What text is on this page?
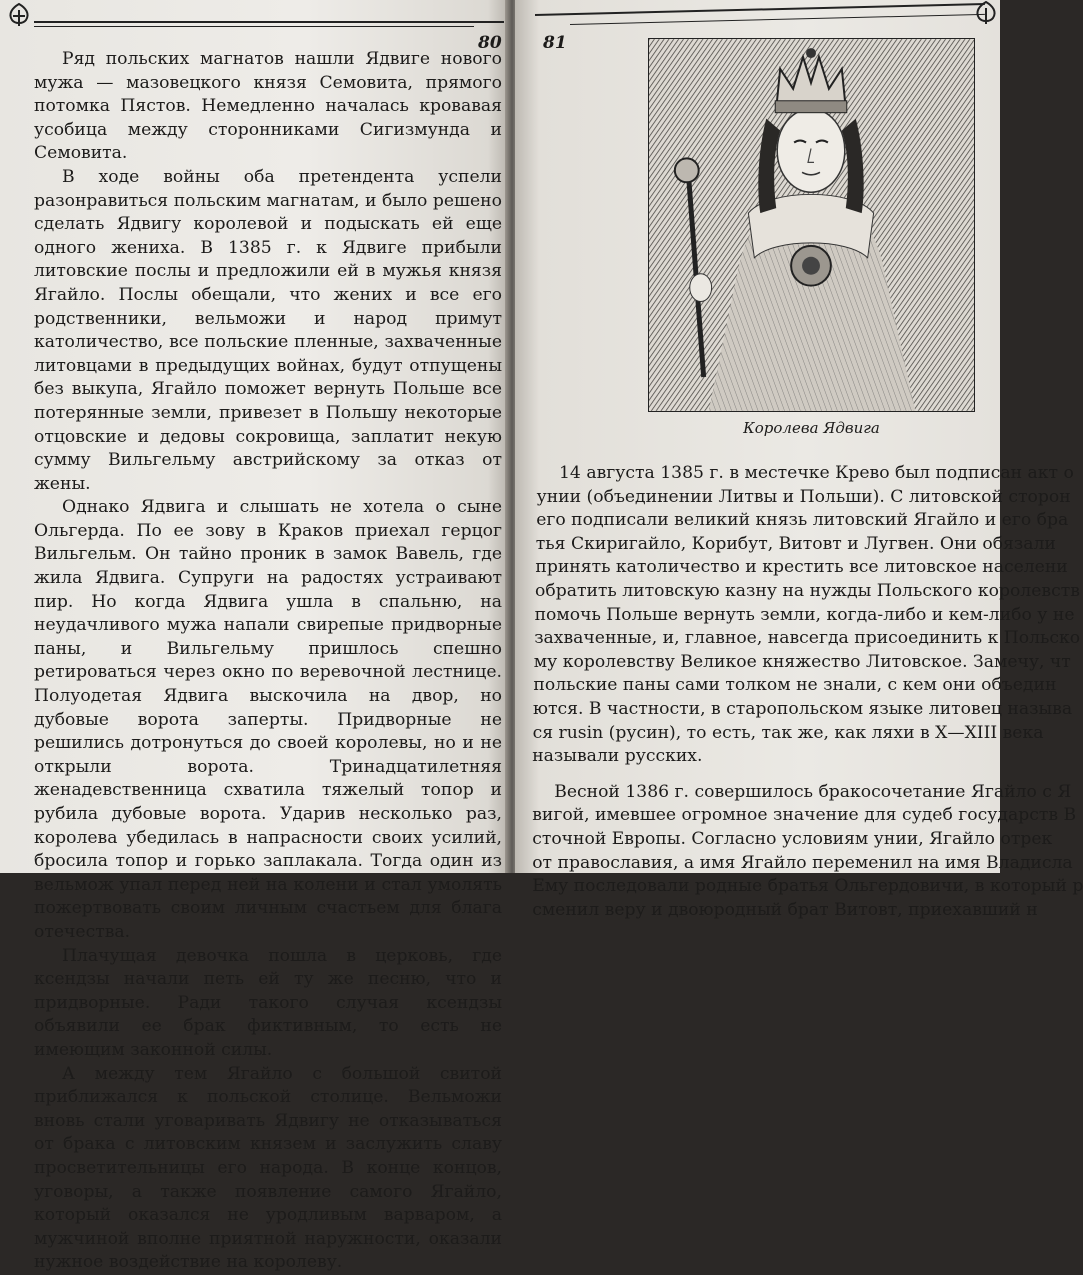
80

Ряд польских магнатов нашли Ядвиге нового мужа — мазовецкого князя Семовита, прямого потомка Пястов. Немедленно началась кровавая усобица между сторонниками Сигизмунда и Семовита.

В ходе войны оба претендента успели разонравиться польским магнатам, и было решено сделать Ядвигу королевой и подыскать ей еще одного жениха. В 1385 г. к Ядвиге прибыли литовские послы и предложили ей в мужья князя Ягайло. Послы обещали, что жених и все его родственники, вельможи и народ примут католичество, все польские пленные, захваченные литовцами в предыдущих войнах, будут отпущены без выкупа, Ягайло поможет вернуть Польше все потерянные земли, привезет в Польшу некоторые отцовские и дедовы сокровища, заплатит некую сумму Вильгельму австрийскому за отказ от жены.

Однако Ядвига и слышать не хотела о сыне Ольгерда. По ее зову в Краков приехал герцог Вильгельм. Он тайно проник в замок Вавель, где жила Ядвига. Супруги на радостях устраивают пир. Но когда Ядвига ушла в спальню, на неудачливого мужа напали свирепые придворные паны, и Вильгельму пришлось спешно ретироваться через окно по веревочной лестнице. Полуодетая Ядвига выскочила на двор, но дубовые ворота заперты. Придворные не решились дотронуться до своей королевы, но и не открыли ворота. Тринадцатилетняя женадевственница схватила тяжелый топор и рубила дубовые ворота. Ударив несколько раз, королева убедилась в напрасности своих усилий, бросила топор и горько заплакала. Тогда один из вельмож упал перед ней на колени и стал умолять пожертвовать своим личным счастьем для блага отечества.

Плачущая девочка пошла в церковь, где ксендзы начали петь ей ту же песню, что и придворные. Ради такого случая ксендзы объявили ее брак фиктивным, то есть не имеющим законной силы.

А между тем Ягайло с большой свитой приближался к польской столице. Вельможи вновь стали уговаривать Ядвигу не отказываться от брака с литовским князем и заслужить славу просветительницы его народа. В конце концов, уговоры, а также появление самого Ягайло, который оказался не уродливым варваром, а мужчиной вполне приятной наружности, оказали нужное воздействие на королеву.

81
Королева Ядвига
14 августа 1385 г. в местечке Крево был подписан акт о
унии (объединении Литвы и Польши). С литовской сторон
его подписали великий князь литовский Ягайло и его бра
тья Скиригайло, Корибут, Витовт и Лугвен. Они обязали
принять католичество и крестить все литовское населени
обратить литовскую казну на нужды Польского королевств
помочь Польше вернуть земли, когда-либо и кем-либо у не
захваченные, и, главное, навсегда присоединить к Польско
му королевству Великое княжество Литовское. Замечу, чт
польские паны сами толком не знали, с кем они объедин
ются. В частности, в старопольском языке литовец называ
ся rusin (русин), то есть, так же, как ляхи в X—XIII века
называли русских.
Весной 1386 г. совершилось бракосочетание Ягайло с Я
вигой, имевшее огромное значение для судеб государств В
сточной Европы. Согласно условиям унии, Ягайло отрек
от православия, а имя Ягайло переменил на имя Владисла
Ему последовали родные братья Ольгердовичи, в который р
сменил веру и двоюродный брат Витовт, приехавший н
